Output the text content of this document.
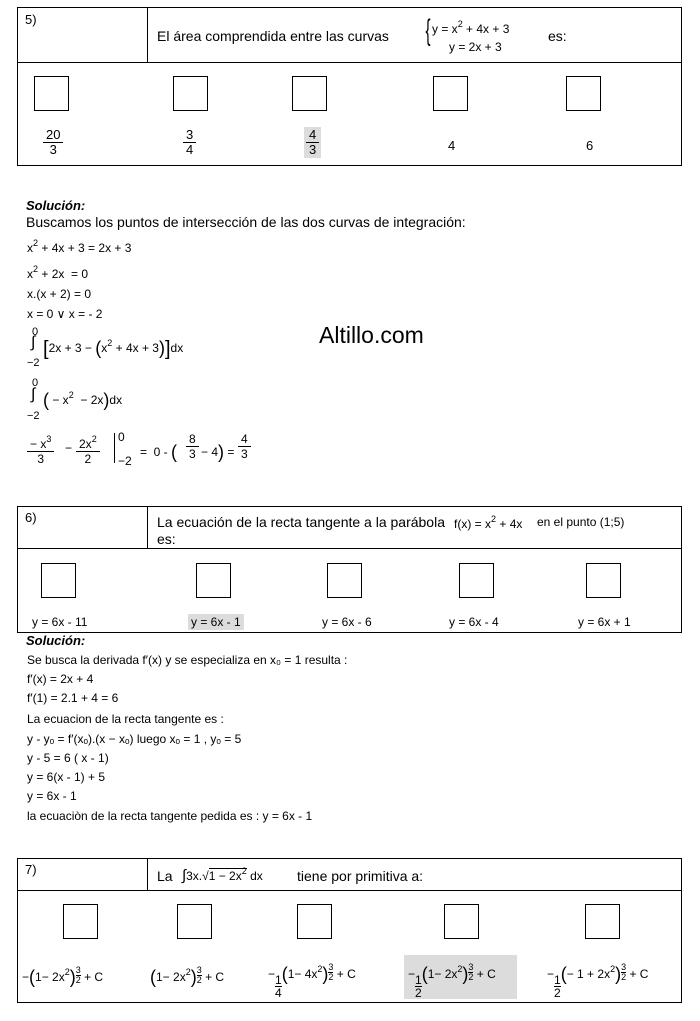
5)
El área comprendida entre las curvas { $y = x^2 + 4x + 3$
y = 2x + 3
es:
$\frac{20}{3}$	$\frac{3}{4}$	$\frac{4}{3}$	4	6
Solución:
Buscamos los puntos de intersección de las dos curvas de integración:
$x^2 + 4x + 3 = 2x + 3$
$x^2 + 2x = 0$
x.(x + 2) = 0
x = 0 ∨ x = - 2
0
∫
−2
$[2x + 3 - (x^2 + 4x + 3)]dx$
0
∫
−2
( − $x^2 - 2x)dx$
$\frac{- x^3}{3} - \frac{2x^2}{2} 0$
−2
=  0 - ( $\frac{8}{3} - 4) = \frac{4}{3}$
Altillo.com
6)	La ecuación de la recta tangente a la parábola $f(x) = x^2 + 4x$ en el punto (1;5)
es:
y = 6x - 11	y = 6x - 1	y = 6x - 6	y = 6x - 4	y = 6x + 1
Solución:
Se busca la derivada f′(x) y se especializa en x₀ = 1 resulta :
f′(x) = 2x + 4
f′(1) = 2.1 + 4 = 6
La ecuacion de la recta tangente es :
y - yₒ = f′(xₒ).(x − xₒ) luego xₒ = 1 , yₒ = 5
y - 5 = 6 ( x - 1)
y = 6(x - 1) + 5
y = 6x - 1
la ecuaciòn de la recta tangente pedida es : y = 6x - 1
7)	La $\int 3x.√1 - 2x^2$ dx tiene por primitiva a:
$-(1- 2x^2) \frac{3}{2} + C$	$(1- 2x^2) \frac{3}{2} + C$	− $\frac{1}{4} (1- 4x^2) \frac{3}{2} + C$	− $\frac{1}{2} (1- 2x^2) \frac{3}{2} + C$	− $\frac{1}{2}$ (− $1 + 2x^2) \frac{3}{2} + C$
